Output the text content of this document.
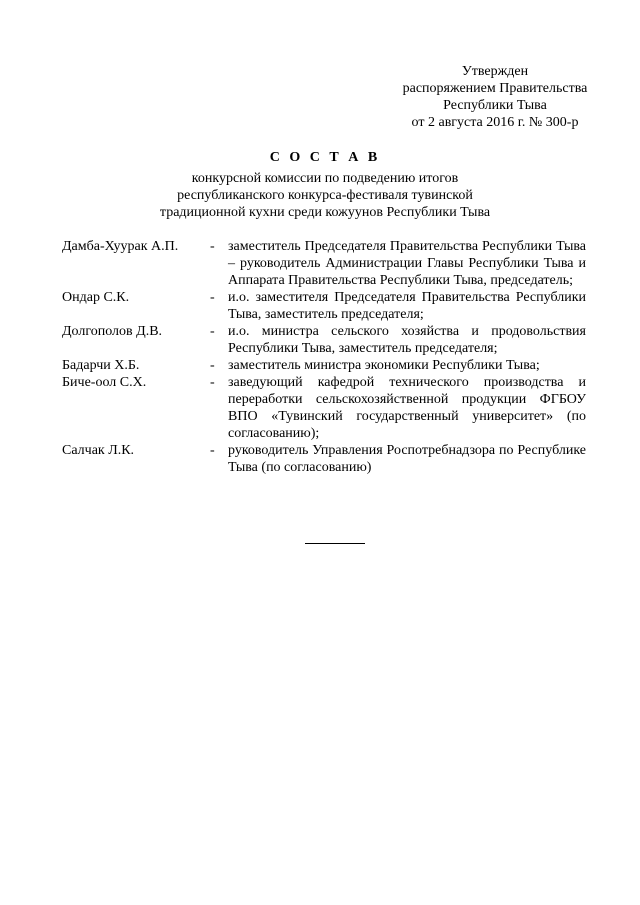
Утвержден
распоряжением Правительства
Республики Тыва
от 2 августа 2016 г. № 300-р
С О С Т А В
конкурсной комиссии по подведению итогов
республиканского конкурса-фестиваля тувинской
традиционной кухни среди кожуунов Республики Тыва
Дамба-Хуурак А.П.	- заместитель Председателя Правительства Республики Тыва – руководитель Администрации Главы Республики Тыва и Аппарата Правительства Республики Тыва, председатель;
Ондар С.К.	- и.о. заместителя Председателя Правительства Республики Тыва, заместитель председателя;
Долгополов Д.В.	- и.о. министра сельского хозяйства и продовольствия Республики Тыва, заместитель председателя;
Бадарчи Х.Б.	- заместитель министра экономики Республики Тыва;
Биче-оол С.Х.	- заведующий кафедрой технического производства и переработки сельскохозяйственной продукции ФГБОУ ВПО «Тувинский государственный университет» (по согласованию);
Салчак Л.К.	- руководитель Управления Роспотребнадзора по Республике Тыва (по согласованию)
